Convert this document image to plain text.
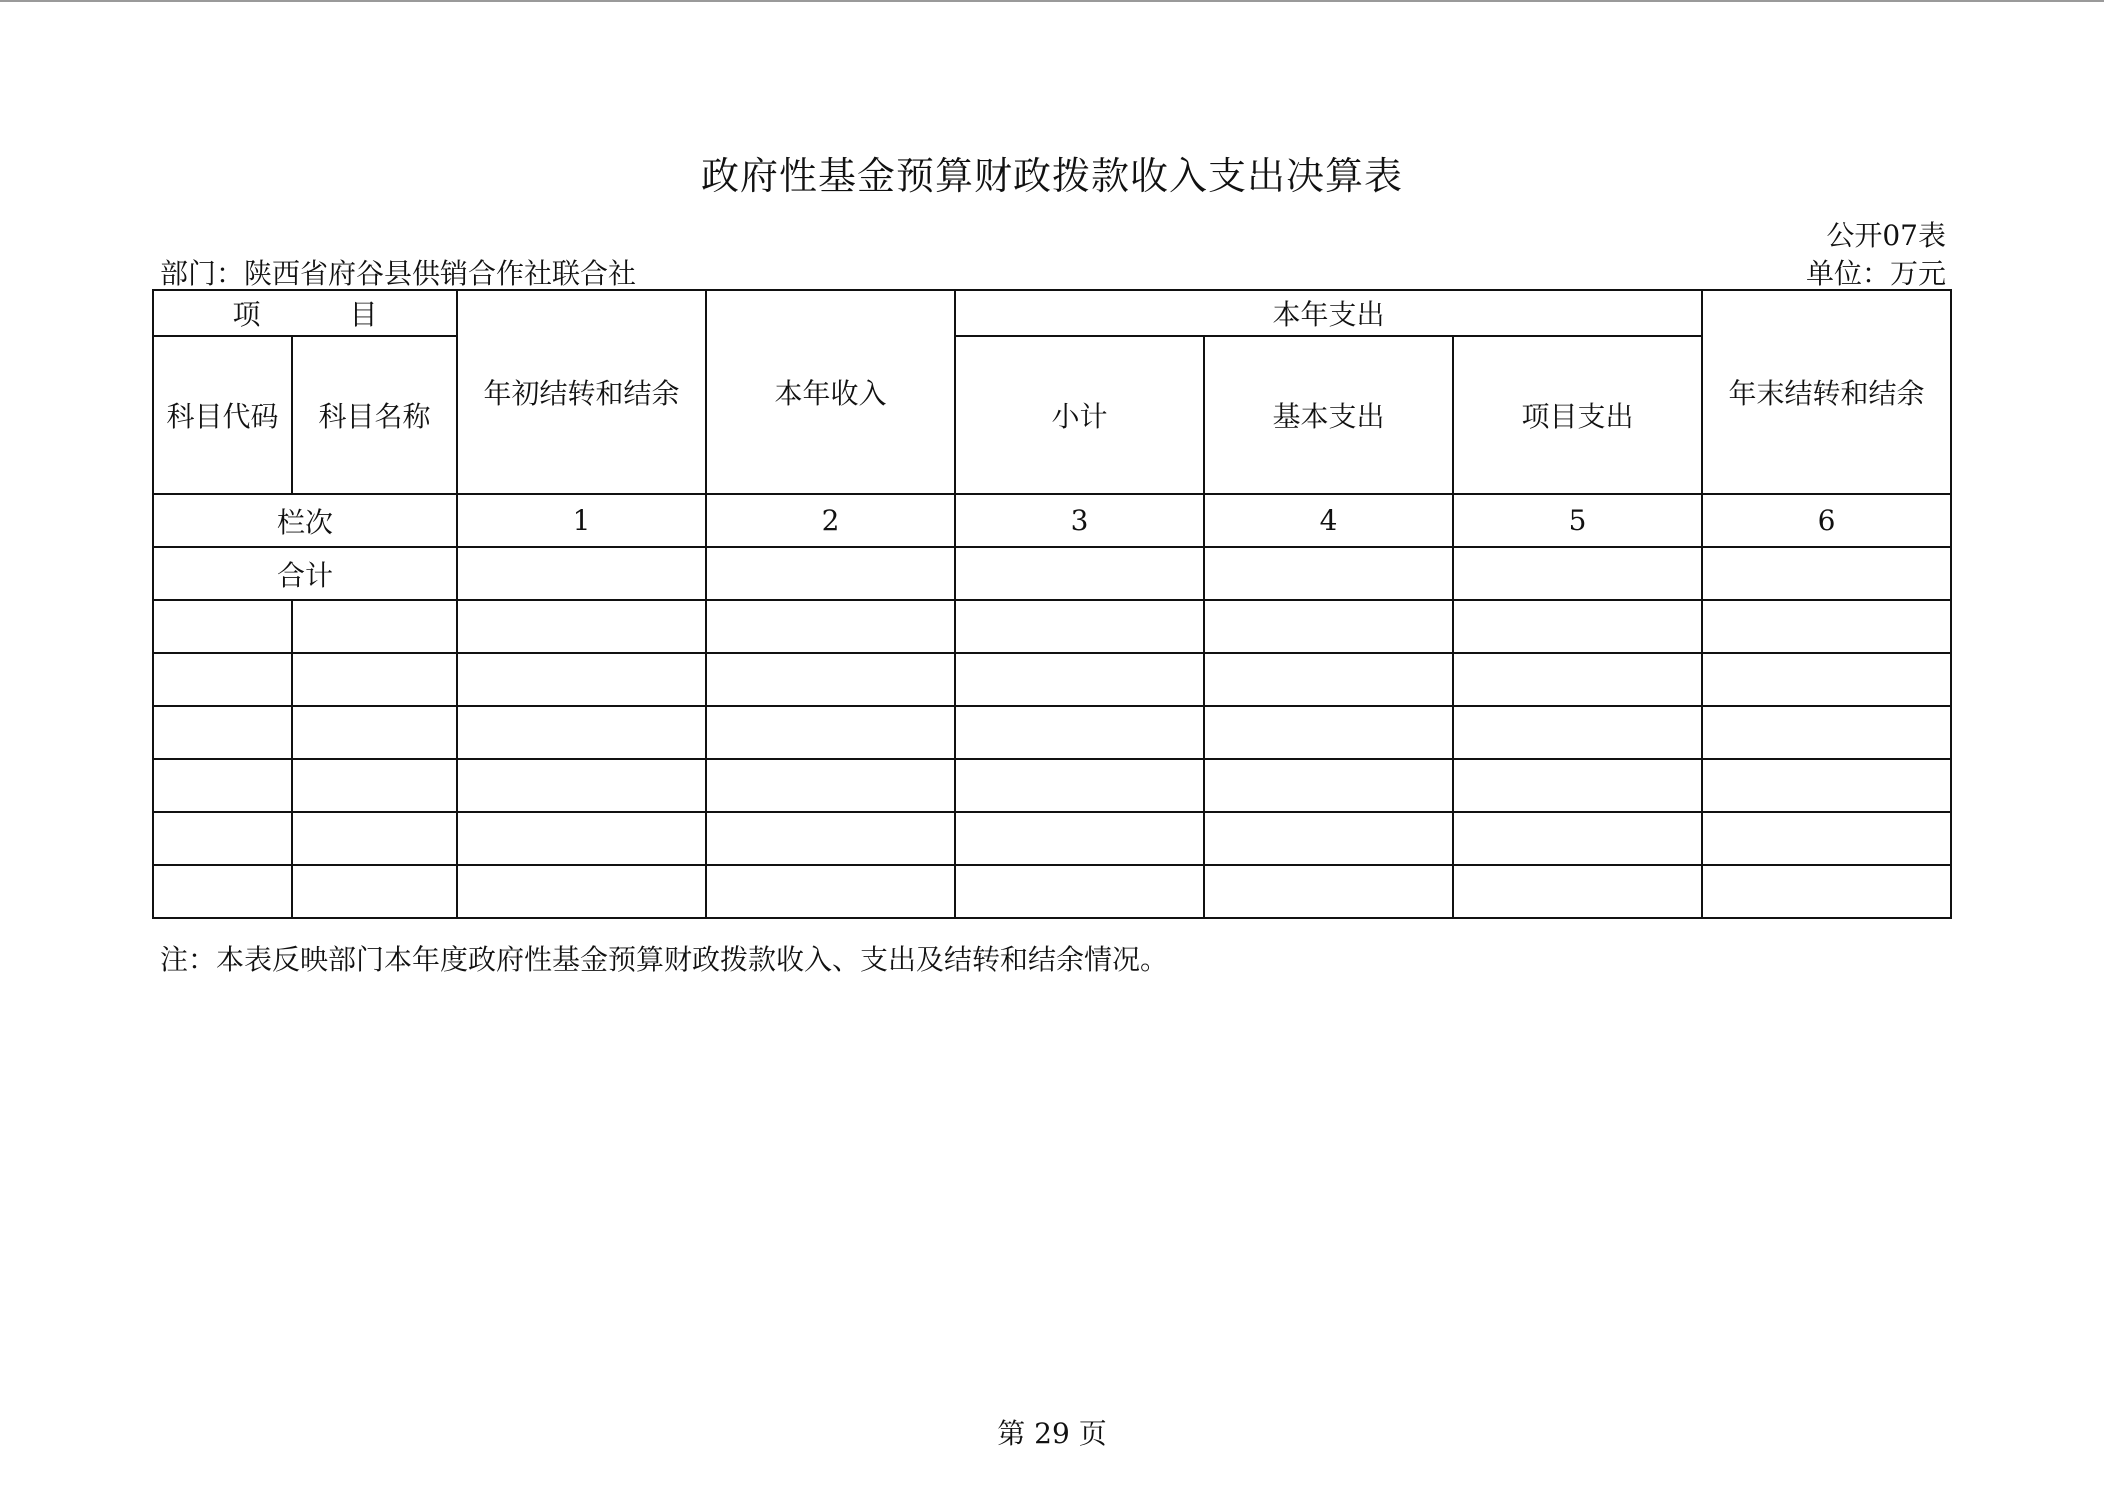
政府性基金预算财政拨款收入支出决算表
公开07表
部门：陕西省府谷县供销合作社联合社	单位：万元
项 目		年初结转和结余	本年收入	本年支出			年末结转和结余
科目代码	科目名称			小计	基本支出	项目支出	
栏次		1	2	3	4	5	6
合计							

注：本表反映部门本年度政府性基金预算财政拨款收入、支出及结转和结余情况。
第 29 页
